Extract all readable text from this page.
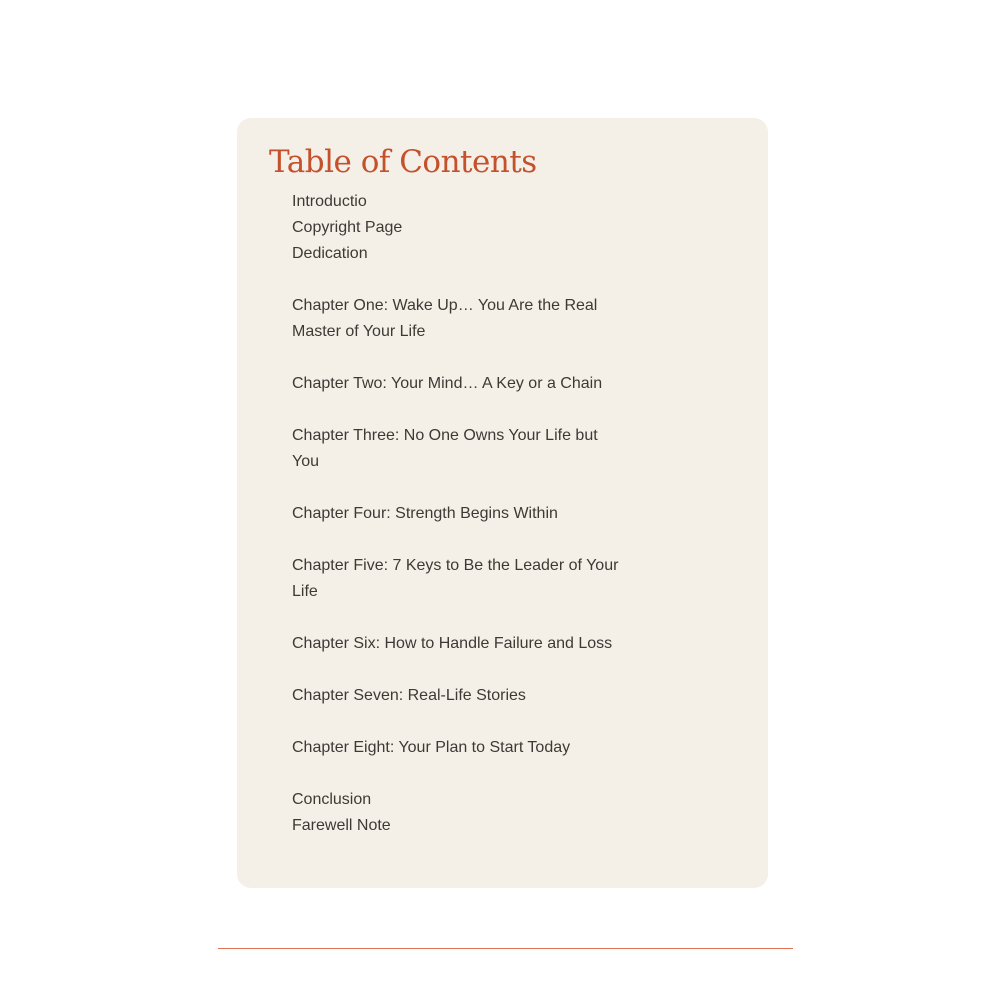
Table of Contents
Introductio
Copyright Page
Dedication
Chapter One: Wake Up… You Are the Real Master of Your Life
Chapter Two: Your Mind… A Key or a Chain
Chapter Three: No One Owns Your Life but You
Chapter Four: Strength Begins Within
Chapter Five: 7 Keys to Be the Leader of Your Life
Chapter Six: How to Handle Failure and Loss
Chapter Seven: Real-Life Stories
Chapter Eight: Your Plan to Start Today
Conclusion
Farewell Note
